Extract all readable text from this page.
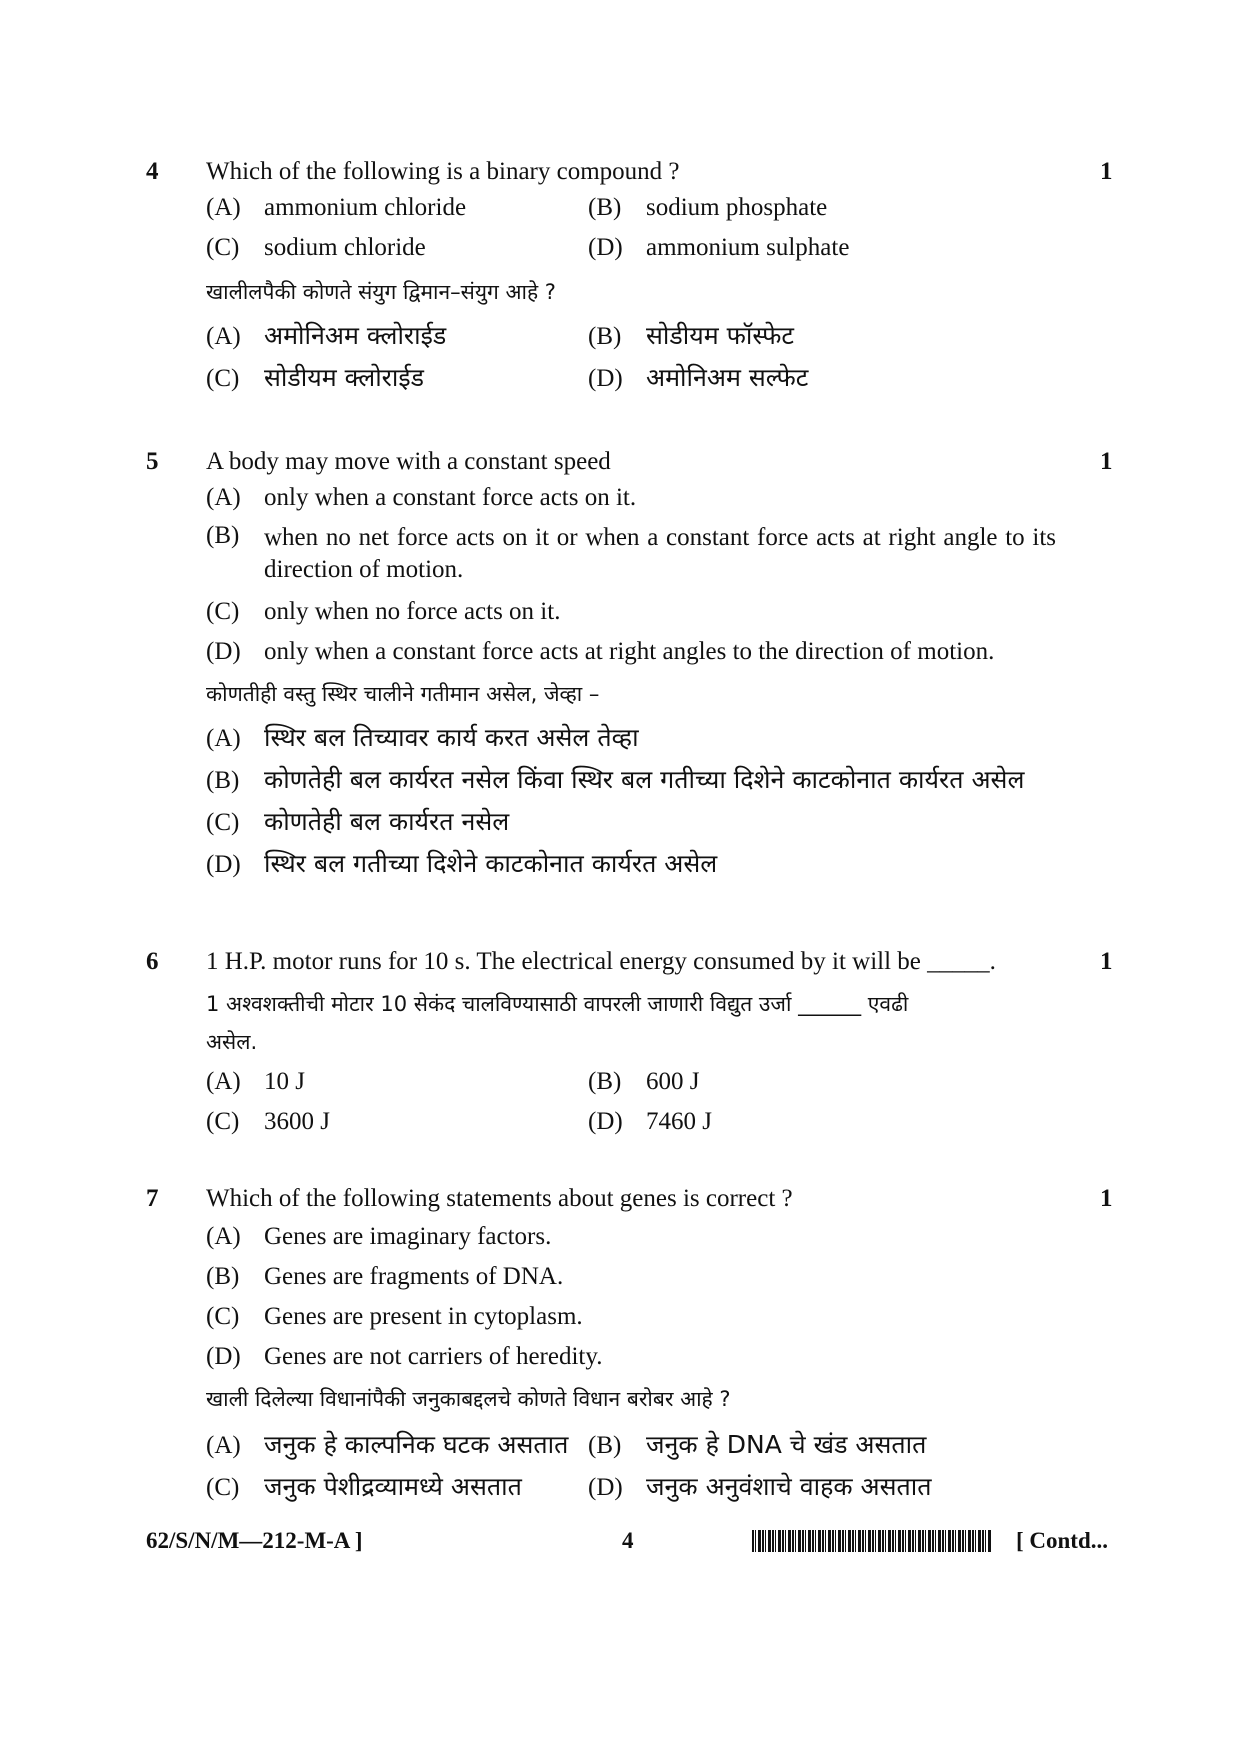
4 Which of the following is a binary compound ?	1
(A) ammonium chloride	(B) sodium phosphate
(C) sodium chloride	(D) ammonium sulphate
खालीलपैकी कोणते संयुग द्विमान–संयुग आहे ?
(A) अमोनिअम क्लोराईड	(B) सोडीयम फॉस्फेट
(C) सोडीयम क्लोराईड	(D) अमोनिअम सल्फेट
5 A body may move with a constant speed	1
(A) only when a constant force acts on it.
(B) when no net force acts on it or when a constant force acts at right angle to its direction of motion.
(C) only when no force acts on it.
(D) only when a constant force acts at right angles to the direction of motion.
कोणतीही वस्तु स्थिर चालीने गतीमान असेल, जेव्हा –
(A) स्थिर बल तिच्यावर कार्य करत असेल तेव्हा
(B) कोणतेही बल कार्यरत नसेल किंवा स्थिर बल गतीच्या दिशेने काटकोनात कार्यरत असेल
(C) कोणतेही बल कार्यरत नसेल
(D) स्थिर बल गतीच्या दिशेने काटकोनात कार्यरत असेल
6 1 H.P. motor runs for 10 s. The electrical energy consumed by it will be _____.	1
1 अश्वशक्तीची मोटार 10 सेकंद चालविण्यासाठी वापरली जाणारी विद्युत उर्जा ______ एवढी
असेल.
(A) 10 J	(B) 600 J
(C) 3600 J	(D) 7460 J
7 Which of the following statements about genes is correct ?	1
(A) Genes are imaginary factors.
(B) Genes are fragments of DNA.
(C) Genes are present in cytoplasm.
(D) Genes are not carriers of heredity.
खाली दिलेल्या विधानांपैकी जनुकाबद्दलचे कोणते विधान बरोबर आहे ?
(A) जनुक हे काल्पनिक घटक असतात (B) जनुक हे DNA चे खंड असतात
(C) जनुक पेशीद्रव्यामध्ये असतात	(D) जनुक अनुवंशाचे वाहक असतात
62/S/N/M—212-M-A ]	4	[ Contd...
